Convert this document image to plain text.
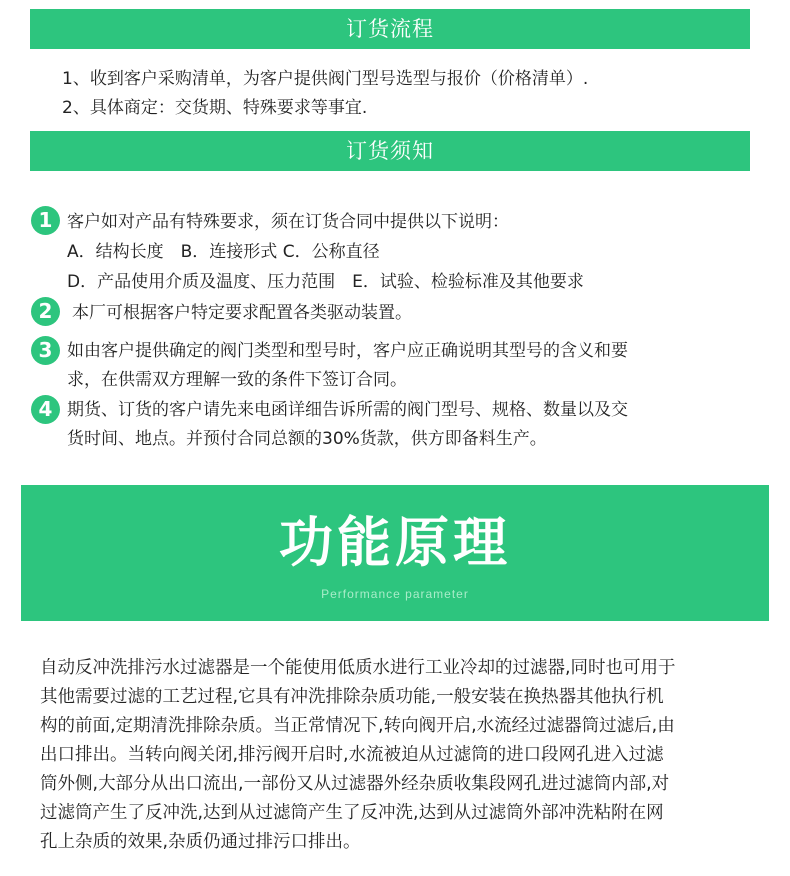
订货流程
1、收到客户采购清单，为客户提供阀门型号选型与报价（价格清单）.
2、具体商定：交货期、特殊要求等事宜.
订货须知
1 客户如对产品有特殊要求，须在订货合同中提供以下说明：
A．结构长度　B．连接形式 C．公称直径
D．产品使用介质及温度、压力范围　E．试验、检验标准及其他要求
2	本厂可根据客户特定要求配置各类驱动装置。
3 如由客户提供确定的阀门类型和型号时，客户应正确说明其型号的含义和要
求，在供需双方理解一致的条件下签订合同。
4 期货、订货的客户请先来电函详细告诉所需的阀门型号、规格、数量以及交
货时间、地点。并预付合同总额的30%货款，供方即备料生产。
功能原理
Performance parameter
自动反冲洗排污水过滤器是一个能使用低质水进行工业冷却的过滤器,同时也可用于
其他需要过滤的工艺过程,它具有冲洗排除杂质功能,一般安装在换热器其他执行机
构的前面,定期清洗排除杂质。当正常情况下,转向阀开启,水流经过滤器筒过滤后,由
出口排出。当转向阀关闭,排污阀开启时,水流被迫从过滤筒的进口段网孔进入过滤
筒外侧,大部分从出口流出,一部份又从过滤器外经杂质收集段网孔进过滤筒内部,对
过滤筒产生了反冲洗,达到从过滤筒产生了反冲洗,达到从过滤筒外部冲洗粘附在网
孔上杂质的效果,杂质仍通过排污口排出。
